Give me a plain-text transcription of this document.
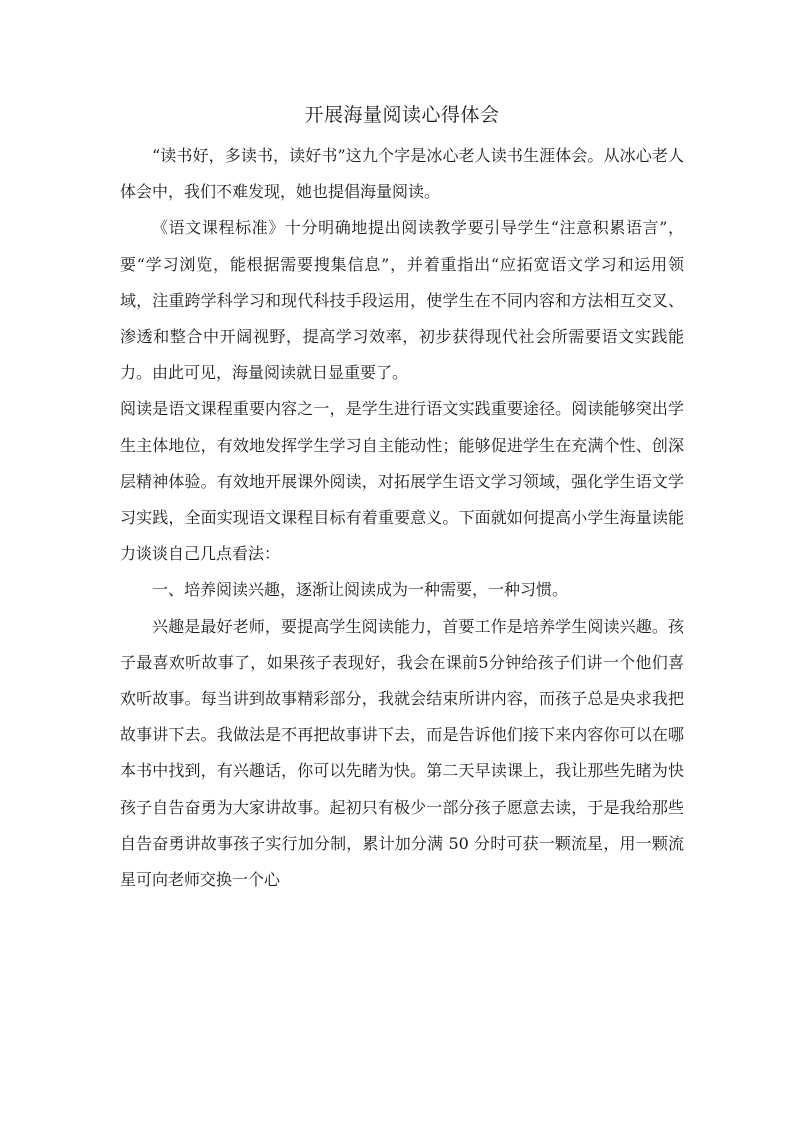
开展海量阅读心得体会

“读书好，多读书，读好书”这九个字是冰心老人读书生涯体会。从冰心老人体会中，我们不难发现，她也提倡海量阅读。

《语文课程标准》十分明确地提出阅读教学要引导学生“注意积累语言”，要“学习浏览，能根据需要搜集信息”，并着重指出“应拓宽语文学习和运用领域，注重跨学科学习和现代科技手段运用，使学生在不同内容和方法相互交叉、渗透和整合中开阔视野，提高学习效率，初步获得现代社会所需要语文实践能力。由此可见，海量阅读就日显重要了。

阅读是语文课程重要内容之一，是学生进行语文实践重要途径。阅读能够突出学生主体地位，有效地发挥学生学习自主能动性；能够促进学生在充满个性、创深层精神体验。有效地开展课外阅读，对拓展学生语文学习领域，强化学生语文学习实践，全面实现语文课程目标有着重要意义。下面就如何提高小学生海量读能力谈谈自己几点看法：

一、培养阅读兴趣，逐渐让阅读成为一种需要，一种习惯。

兴趣是最好老师，要提高学生阅读能力，首要工作是培养学生阅读兴趣。孩子最喜欢听故事了，如果孩子表现好，我会在课前5分钟给孩子们讲一个他们喜欢听故事。每当讲到故事精彩部分，我就会结束所讲内容，而孩子总是央求我把故事讲下去。我做法是不再把故事讲下去，而是告诉他们接下来内容你可以在哪本书中找到，有兴趣话，你可以先睹为快。第二天早读课上，我让那些先睹为快孩子自告奋勇为大家讲故事。起初只有极少一部分孩子愿意去读，于是我给那些自告奋勇讲故事孩子实行加分制，累计加分满 50 分时可获一颗流星，用一颗流星可向老师交换一个心
